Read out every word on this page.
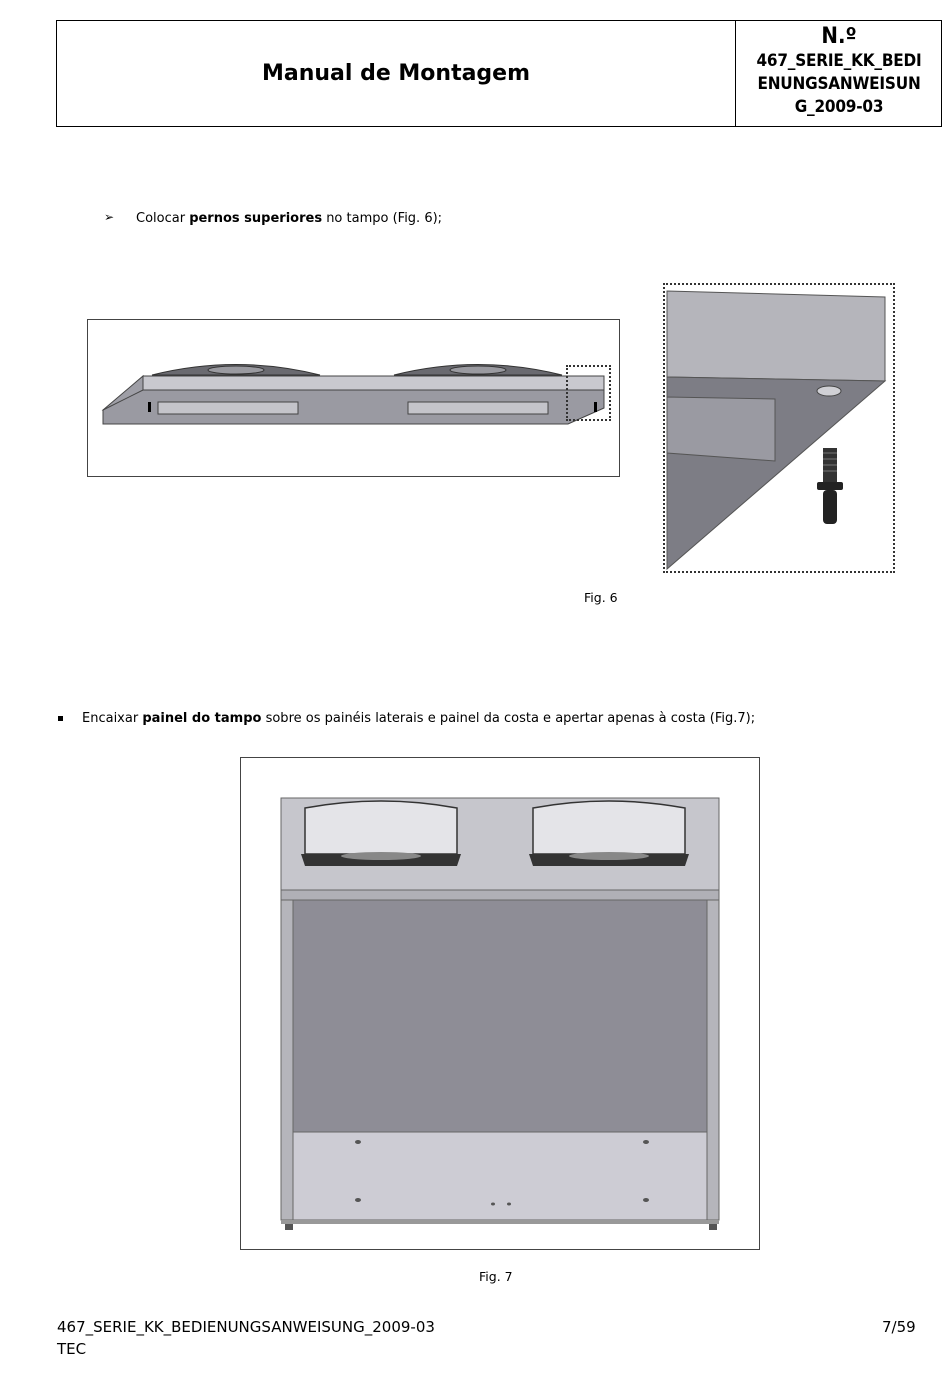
Manual de Montagem
N.º
467_SERIE_KK_BEDI
ENUNGSANWEISUN
G_2009-03
➢ Colocar pernos superiores no tampo (Fig. 6);
Fig. 6
Encaixar painel do tampo sobre os painéis laterais e painel da costa e apertar apenas à costa (Fig.7);
Fig. 7
467_SERIE_KK_BEDIENUNGSANWEISUNG_2009-03
TEC
7/59
